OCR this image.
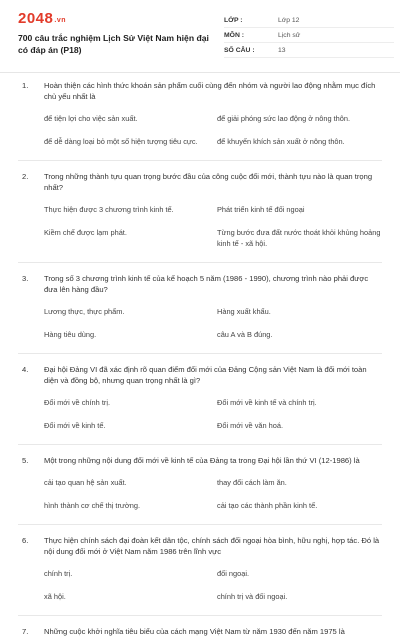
2048.vn
700 câu trắc nghiệm Lịch Sử Việt Nam hiện đại có đáp án (P18)
LỚP :	Lớp 12
MÔN :	Lịch sử
SỐ CÂU :	13
1.	Hoàn thiện các hình thức khoán sản phẩm cuối cùng đến nhóm và người lao động nhằm mục đích chủ yếu nhất là
để tiện lợi cho việc sản xuất.	để giải phóng sức lao động ở nông thôn.
để dễ dàng loại bỏ một số hiện tượng tiêu cực.	để khuyến khích sản xuất ở nông thôn.
2.	Trong những thành tựu quan trọng bước đầu của công cuộc đổi mới, thành tựu nào là quan trọng nhất?
Thực hiện được 3 chương trình kinh tế.	Phát triển kinh tế đối ngoại
Kiềm chế được lạm phát.	Từng bước đưa đất nước thoát khỏi khủng hoảng kinh tế - xã hội.
3.	Trong số 3 chương trình kinh tế của kế hoạch 5 năm (1986 - 1990), chương trình nào phải được đưa lên hàng đầu?
Lương thực, thực phẩm.	Hàng xuất khẩu.
Hàng tiêu dùng.	câu A và B đúng.
4.	Đại hội Đảng VI đã xác định rõ quan điểm đổi mới của Đảng Cộng sản Việt Nam là đổi mới toàn diện và đồng bộ, nhưng quan trọng nhất là gì?
Đổi mới về chính trị.	Đổi mới về kinh tế và chính trị.
Đổi mới về kinh tế.	Đổi mới về văn hoá.
5.	Một trong những nội dung đổi mới về kinh tế của Đảng ta trong Đại hội lần thứ VI (12-1986) là
cải tạo quan hệ sản xuất.	thay đổi cách làm ăn.
hình thành cơ chế thị trường.	cải tạo các thành phần kinh tế.
6.	Thực hiện chính sách đại đoàn kết dân tộc, chính sách đối ngoại hòa bình, hữu nghị, hợp tác. Đó là nội dung đổi mới ở Việt Nam năm 1986 trên lĩnh vực
chính trị.	đối ngoại.
xã hội.	chính trị và đối ngoại.
7.	Những cuộc khởi nghĩa tiêu biểu của cách mạng Việt Nam từ năm 1930 đến năm 1975 là
